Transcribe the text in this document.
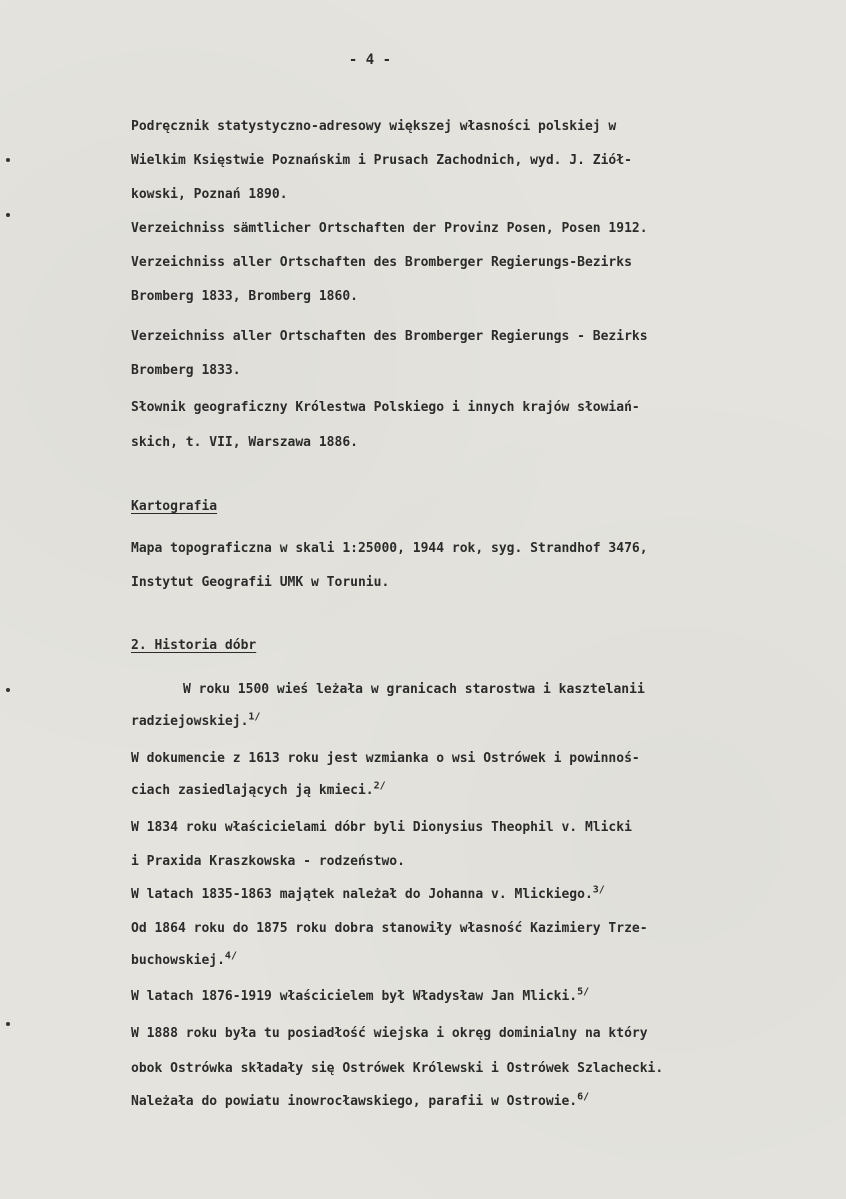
- 4 -
Podręcznik statystyczno-adresowy większej własności polskiej w
Wielkim Księstwie Poznańskim i Prusach Zachodnich, wyd. J. Ziół-
kowski, Poznań 1890.
Verzeichniss sämtlicher Ortschaften der Provinz Posen, Posen 1912.
Verzeichniss aller Ortschaften des Bromberger Regierungs-Bezirks
Bromberg 1833, Bromberg 1860.
Verzeichniss aller Ortschaften des Bromberger Regierungs - Bezirks
Bromberg 1833.
Słownik geograficzny Królestwa Polskiego i innych krajów słowiań-
skich, t. VII, Warszawa 1886.
Kartografia
Mapa topograficzna w skali 1:25000, 1944 rok, syg. Strandhof 3476,
Instytut Geografii UMK w Toruniu.
2. Historia dóbr
W roku 1500 wieś leżała w granicach starostwa i kasztelanii
radziejowskiej.$^{1/}$
W dokumencie z 1613 roku jest wzmianka o wsi Ostrówek i powinnoś-
ciach zasiedlających ją kmieci.$^{2/}$
W 1834 roku właścicielami dóbr byli Dionysius Theophil v. Mlicki
i Praxida Kraszkowska - rodzeństwo.
W latach 1835-1863 majątek należał do Johanna v. Mlickiego.$^{3/}$
Od 1864 roku do 1875 roku dobra stanowiły własność Kazimiery Trze-
buchowskiej.$^{4/}$
W latach 1876-1919 właścicielem był Władysław Jan Mlicki.$^{5/}$
W 1888 roku była tu posiadłość wiejska i okręg dominialny na który
obok Ostrówka składały się Ostrówek Królewski i Ostrówek Szlachecki.
Należała do powiatu inowrocławskiego, parafii w Ostrowie.$^{6/}$
